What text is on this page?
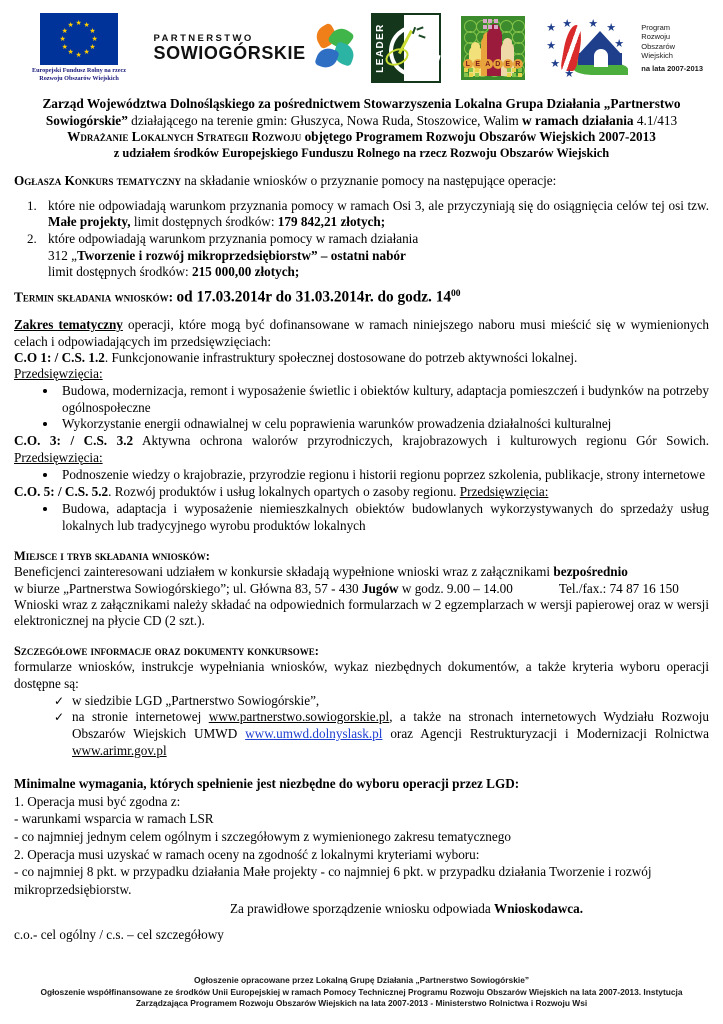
★ ★
★
★
★
★
★
★
★
★
★
★
Europejski Fundusz Rolny na rzecz
Rozwoju Obszarów Wiejskich
PARTNERSTWO
SOWIOGÓRSKIE	LEADER	L E A D E R
★
★
★
★ ★ ★
★
★
★
Program
Rozwoju
Obszarów
Wiejskich
na lata 2007-2013

Zarząd Województwa Dolnośląskiego za pośrednictwem Stowarzyszenia Lokalna Grupa Działania „Partnerstwo Sowiogórskie” działającego na terenie gmin: Głuszyca, Nowa Ruda, Stoszowice, Walim w ramach działania 4.1/413

Wdrażanie Lokalnych Strategii Rozwoju objętego Programem Rozwoju Obszarów Wiejskich 2007-2013

z udziałem środków Europejskiego Funduszu Rolnego na rzecz Rozwoju Obszarów Wiejskich

Ogłasza Konkurs tematyczny na składanie wniosków o przyznanie pomocy na następujące operacje:

1. które nie odpowiadają warunkom przyznania pomocy w ramach Osi 3, ale przyczyniają się do osiągnięcia celów tej osi tzw. Małe projekty, limit dostępnych środków: 179 842,21 złotych;
2. które odpowiadają warunkom przyznania pomocy w ramach działania
312 „Tworzenie i rozwój mikroprzedsiębiorstw” – ostatni nabór
limit dostępnych środków: 215 000,00 złotych;

Termin składania wniosków: od 17.03.2014r do 31.03.2014r. do godz. $14^{00}$

Zakres tematyczny operacji, które mogą być dofinansowane w ramach niniejszego naboru musi mieścić się w wymienionych celach i odpowiadających im przedsięwzięciach:

C.O 1: / C.S. 1.2. Funkcjonowanie infrastruktury społecznej dostosowane do potrzeb aktywności lokalnej.

Przedsięwzięcia:

• Budowa, modernizacja, remont i wyposażenie świetlic i obiektów kultury, adaptacja pomieszczeń i budynków na potrzeby ogólnospołeczne
• Wykorzystanie energii odnawialnej w celu poprawienia warunków prowadzenia działalności kulturalnej

C.O. 3: / C.S. 3.2 Aktywna ochrona walorów przyrodniczych, krajobrazowych i kulturowych regionu Gór Sowich. Przedsięwzięcia:

• Podnoszenie wiedzy o krajobrazie, przyrodzie regionu i historii regionu poprzez szkolenia, publikacje, strony internetowe

C.O. 5: / C.S. 5.2. Rozwój produktów i usług lokalnych opartych o zasoby regionu. Przedsięwzięcia:

• Budowa, adaptacja i wyposażenie niemieszkalnych obiektów budowlanych wykorzystywanych do sprzedaży usług lokalnych lub tradycyjnego wyrobu produktów lokalnych

Miejsce i tryb składania wniosków:

Beneficjenci zainteresowani udziałem w konkursie składają wypełnione wnioski wraz z załącznikami bezpośrednio

w biurze „Partnerstwa Sowiogórskiego”; ul. Główna 83, 57 - 430 Jugów w godz. 9.00 – 14.00	Tel./fax.: 74 87 16 150

Wnioski wraz z załącznikami należy składać na odpowiednich formularzach w 2 egzemplarzach w wersji papierowej oraz w wersji elektronicznej na płycie CD (2 szt.).

Szczegółowe informacje oraz dokumenty konkursowe:

formularze wniosków, instrukcje wypełniania wniosków, wykaz niezbędnych dokumentów, a także kryteria wyboru operacji dostępne są:

✓ w siedzibie LGD „Partnerstwo Sowiogórskie”,
✓ na stronie internetowej www.partnerstwo.sowiogorskie.pl, a także na stronach internetowych Wydziału Rozwoju Obszarów Wiejskich UMWD www.umwd.dolnyslask.pl oraz Agencji Restrukturyzacji i Modernizacji Rolnictwa www.arimr.gov.pl

Minimalne wymagania, których spełnienie jest niezbędne do wyboru operacji przez LGD:

1. Operacja musi być zgodna z:

- warunkami wsparcia w ramach LSR

- co najmniej jednym celem ogólnym i szczegółowym z wymienionego zakresu tematycznego

2. Operacja musi uzyskać w ramach oceny na zgodność z lokalnymi kryteriami wyboru:

- co najmniej 8 pkt. w przypadku działania Małe projekty - co najmniej 6 pkt. w przypadku działania Tworzenie i rozwój mikroprzedsiębiorstw.

Za prawidłowe sporządzenie wniosku odpowiada Wnioskodawca.

c.o.- cel ogólny / c.s. – cel szczegółowy

Ogłoszenie opracowane przez Lokalną Grupę Działania „Partnerstwo Sowiogórskie”
Ogłoszenie współfinansowane ze środków Unii Europejskiej w ramach Pomocy Technicznej Programu Rozwoju Obszarów Wiejskich na lata 2007-2013. Instytucja
Zarządzająca Programem Rozwoju Obszarów Wiejskich na lata 2007-2013 - Ministerstwo Rolnictwa i Rozwoju Wsi
